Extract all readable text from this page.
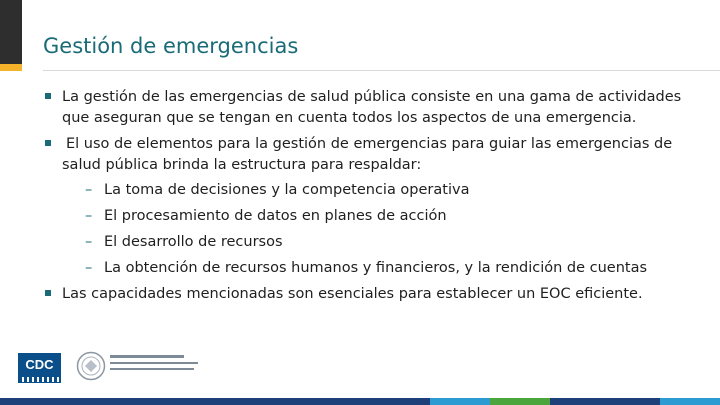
Gestión de emergencias
La gestión de las emergencias de salud pública consiste en una gama de actividades
que aseguran que se tengan en cuenta todos los aspectos de una emergencia.
El uso de elementos para la gestión de emergencias para guiar las emergencias de
salud pública brinda la estructura para respaldar:
– La toma de decisiones y la competencia operativa
– El procesamiento de datos en planes de acción
– El desarrollo de recursos
– La obtención de recursos humanos y financieros, y la rendición de cuentas
Las capacidades mencionadas son esenciales para establecer un EOC eficiente.
CDC
